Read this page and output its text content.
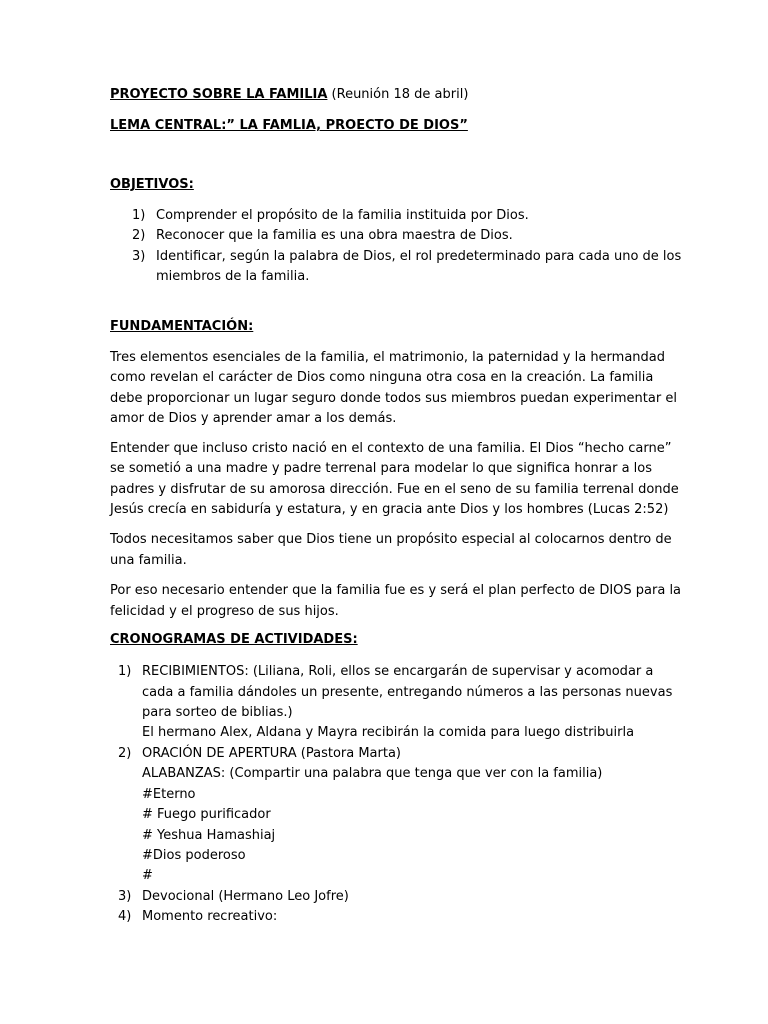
PROYECTO SOBRE LA FAMILIA (Reunión 18 de abril)
LEMA CENTRAL:” LA FAMLIA, PROECTO DE DIOS”
OBJETIVOS:
1) Comprender el propósito de la familia instituida por Dios.
2) Reconocer que la familia es una obra maestra de Dios.
3) Identificar, según la palabra de Dios, el rol predeterminado para cada uno de los
miembros de la familia.
FUNDAMENTACIÓN:
Tres elementos esenciales de la familia, el matrimonio, la paternidad y la hermandad
como revelan el carácter de Dios como ninguna otra cosa en la creación. La familia
debe proporcionar un lugar seguro donde todos sus miembros puedan experimentar el
amor de Dios y aprender amar a los demás.
Entender que incluso cristo nació en el contexto de una familia. El Dios “hecho carne”
se sometió a una madre y padre terrenal para modelar lo que significa honrar a los
padres y disfrutar de su amorosa dirección. Fue en el seno de su familia terrenal donde
Jesús crecía en sabiduría y estatura, y en gracia ante Dios y los hombres (Lucas 2:52)
Todos necesitamos saber que Dios tiene un propósito especial al colocarnos dentro de
una familia.
Por eso necesario entender que la familia fue es y será el plan perfecto de DIOS para la
felicidad y el progreso de sus hijos.
CRONOGRAMAS DE ACTIVIDADES:
1) RECIBIMIENTOS: (Liliana, Roli, ellos se encargarán de supervisar y acomodar a
cada a familia dándoles un presente, entregando números a las personas nuevas
para sorteo de biblias.)
El hermano Alex, Aldana y Mayra recibirán la comida para luego distribuirla
2) ORACIÓN DE APERTURA (Pastora Marta)
ALABANZAS: (Compartir una palabra que tenga que ver con la familia)
#Eterno
# Fuego purificador
# Yeshua Hamashiaj
#Dios poderoso
#
3) Devocional (Hermano Leo Jofre)
4) Momento recreativo:
